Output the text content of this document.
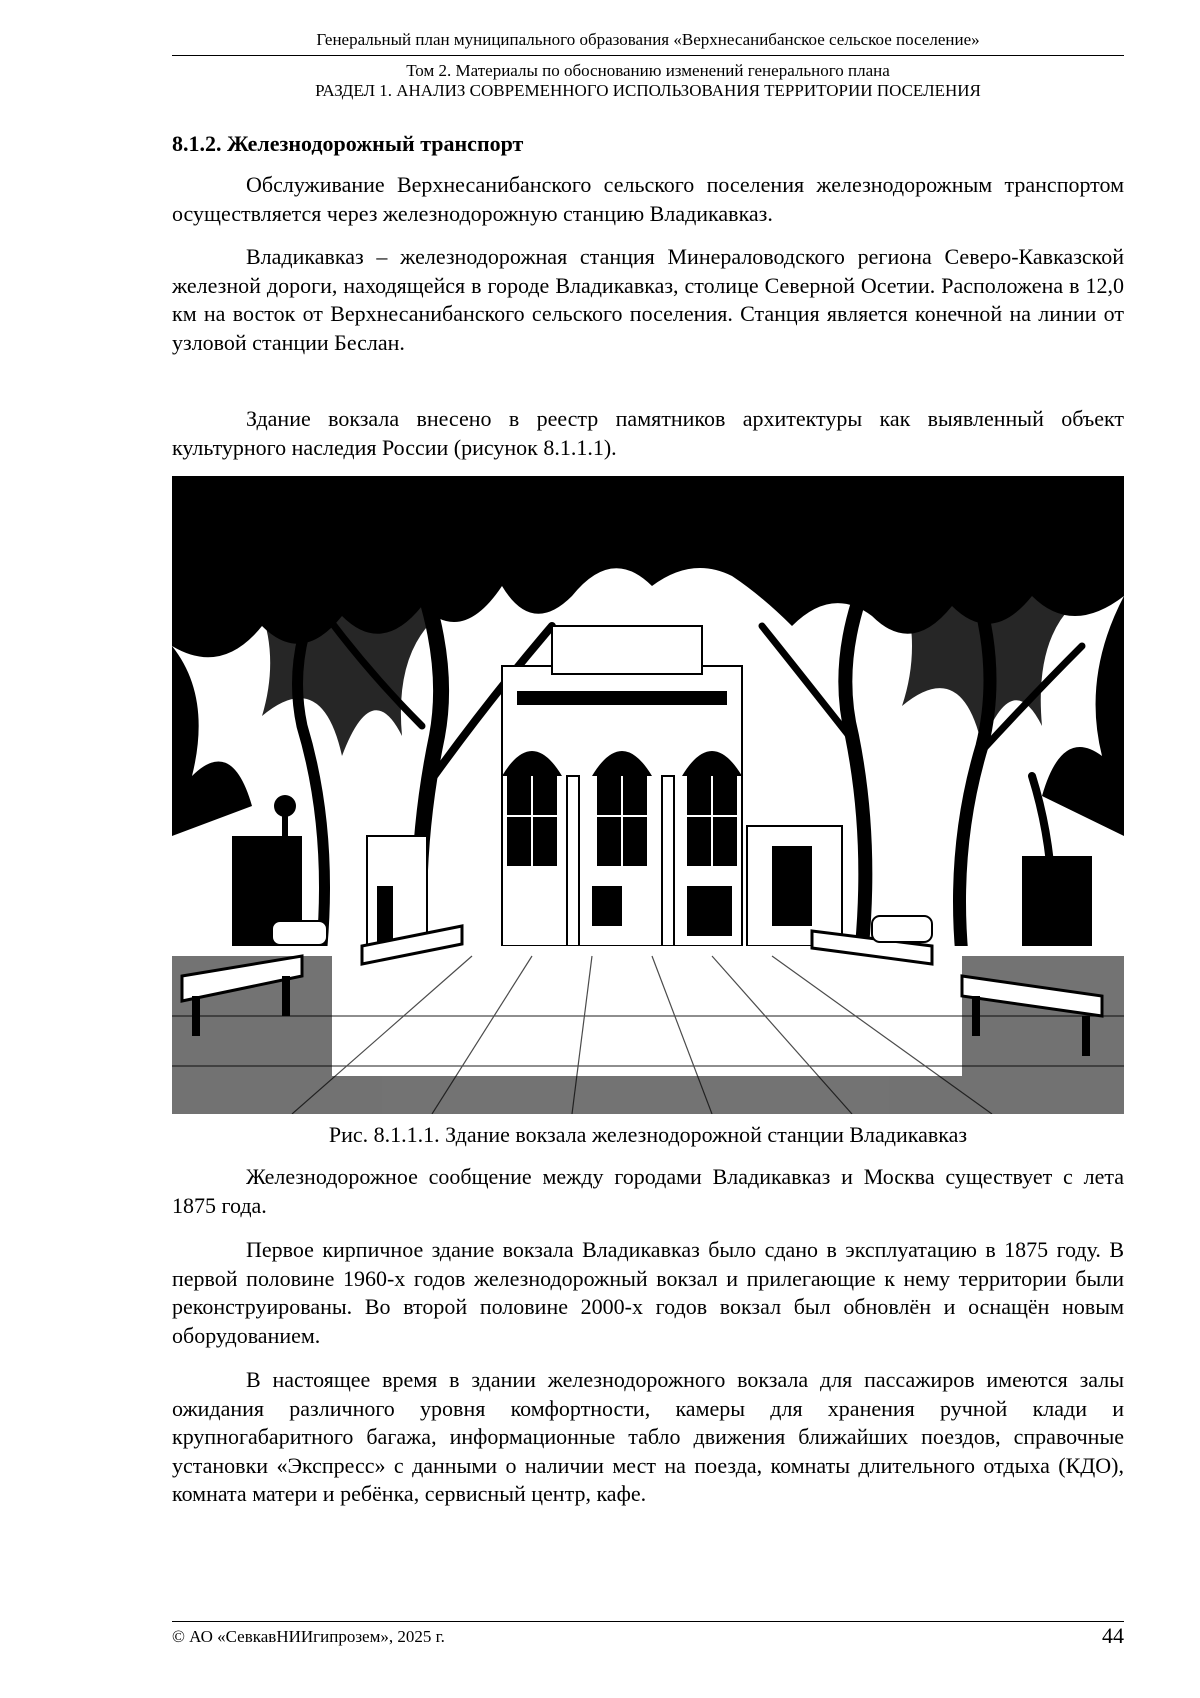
Генеральный план муниципального образования «Верхнесанибанское сельское поселение»
Том 2. Материалы по обоснованию изменений генерального плана
РАЗДЕЛ 1. АНАЛИЗ СОВРЕМЕННОГО ИСПОЛЬЗОВАНИЯ ТЕРРИТОРИИ ПОСЕЛЕНИЯ
8.1.2. Железнодорожный транспорт

Обслуживание Верхнесанибанского сельского поселения железнодорожным транспортом осуществляется через железнодорожную станцию Владикавказ.

Владикавказ – железнодорожная станция Минераловодского региона Северо-Кавказской железной дороги, находящейся в городе Владикавказ, столице Северной Осетии. Расположена в 12,0 км на восток от Верхнесанибанского сельского поселения. Станция является конечной на линии от узловой станции Беслан.

Здание вокзала внесено в реестр памятников архитектуры как выявленный объект культурного наследия России (рисунок 8.1.1.1).

Рис. 8.1.1.1. Здание вокзала железнодорожной станции Владикавказ

Железнодорожное сообщение между городами Владикавказ и Москва существует с лета 1875 года.

Первое кирпичное здание вокзала Владикавказ было сдано в эксплуатацию в 1875 году. В первой половине 1960-х годов железнодорожный вокзал и прилегающие к нему территории были реконструированы. Во второй половине 2000-х годов вокзал был обновлён и оснащён новым оборудованием.

В настоящее время в здании железнодорожного вокзала для пассажиров имеются залы ожидания различного уровня комфортности, камеры для хранения ручной клади и крупногабаритного багажа, информационные табло движения ближайших поездов, справочные установки «Экспресс» с данными о наличии мест на поезда, комнаты длительного отдыха (КДО), комната матери и ребёнка, сервисный центр, кафе.

© АО «СевкавНИИгипрозем», 2025 г.	44
